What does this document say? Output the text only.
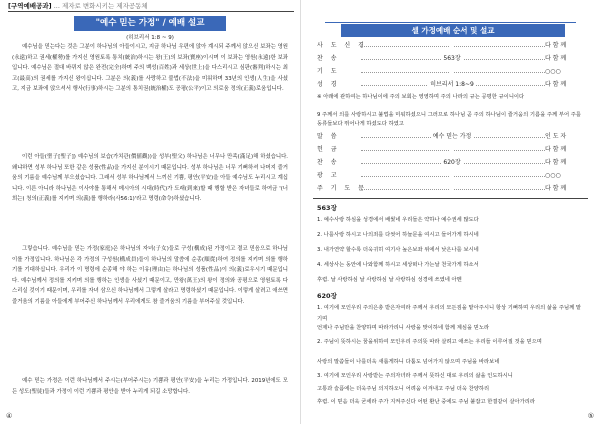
[구역예배공과] ... 제자로 변화시키는 제자공동체
"예수 믿는 가정" / 예배 설교
(히브리서 1:8 ~ 9)
예수님을 믿는다는 것은 그분이 하나님의 아들이시고, 지금 하나님 우편에 앉아 계시되 주께서 앉으신 보좌는 영원(永遠)하고 권세(權勢)를 가지신 영원토록 통치(統治)하시는 왕(王)의 보좌(寶座)이시며 이 보좌는 영원(永遠)한 보좌입니다. 예수님은 절대 바뀌지 않은 완전(完全)하며 주의 백성(百姓)과 세상(世上)을 다스리시고 심판(審判)하시는 최고(最高)의 권세를 가지신 왕이십니다. 그분은 의(義)를 사랑하고 불법(不法)을 미워하며 33년의 인생(人生)을 사셨고, 지금 보좌에 앉으셔서 행사(行事)하시는 그분의 통치권(統治權)도 공평(公平)이고 의로움 정의(正義)로움입니다.
이런 아들(聖子[聖子]) 예수님의 보습(가치관(價値觀))을 성부(聖父) 하나님은 너무나 만족(滿足)해 하셨습니다. 왜냐하면 성부 하나님 또한 같은 성품(性品)을 가지신 분이시기 때문입니다. 성부 하나님은 너무 기뻐하셔 나머지 즐거움의 기름을 예수님께 부으셨습니다. 그래서 성부 하나님께서 느끼신 기쁨, 평안(平安)을 아들 예수님도 누리시고 계십니다. 이른 아니라 하나님은 이사야를 통해서 메시아의 시대(時代)가 도래(到來)할 때 행할 받은 자녀들로 하여금 '(너희는) 청의(正義)를 지키며 의(義)를 행하라(사56:1)'라고 명령(命令)하셨습니다.
그렇습니다. 예수님을 믿는 가정(家庭)은 하나님의 자녀(子女)들로 구성(構成)된 가정이고 결코 믿음으로 하나님 이를 가정입니다. 하나님은 각 가정의 구성원(構成員)들이 하나님의 말씀에 순종(順從)하여 정의를 지키며 의를 행하기를 기대하십니다. 우리가 이 명령에 순종해 야 하는 이유(理由)는 하나님의 성품(性品)이 의(義)로우시기 때문입니다. 예수님께서 정의를 지키며 의를 행하는 인생을 사셨기 때문이고, 만왕(萬王)의 왕이 정의와 공평으로 영원토록 다스리실 것이기 때문이며, 우리를 자녀 삼으신 하나님께서 그렇게 살라고 명령하셨기 때문입니다. 이렇게 살려고 애쓰면 즐거움의 기름을 아들에게 부어주신 하나님께서 우리에게도 참 즐거움의 기름을 부어주실 것입니다.
예수 믿는 가정은 이런 하나님께서 주시는(부어주시는) 기쁨과 평안(平安)을 누리는 가정입니다. 2019년에도 모든 성도(聖徒)들과 가정이 이런 기쁨과 평안을 받아 누리게 되길 소망합니다.
④
셀 가정예배 순서 및 설교
사 도 신 경	다 함 께
찬 송	563장	다 함 께
기 도	○○○
성 경	히브리서 1:8~9	다 함 께
※ 아래에 관하여는 하나님이에 주의 보회는 영영하며 주의 나라의 규는 공평한 규이니이다
9 주께서 의를 사랑하시고 불법을 미워하셨으니 그러므로 하나님 곧 주의 하나님이 즐거움의 기름을 주께 부어 주를 동류들보다 뛰어나게 하셨도다 하였고
말 씀	예수 믿는 가정	인 도 자
헌 금	다 함 께
찬 송	620장	다 함 께
광 고	○○○
주 기 도 문	다 함 께
563장
1. 예수사랑 하심을 성경에서 배웠네 우리들은 약하나 예수권세 많도다
2. 나를사랑 하시고 나의죄를 다씻어 하늘문을 여시고 들어가게 하시네
3. 내가연약 할수록 더욱귀히 여기사 높은보좌 위에서 낮은나를 보시네
4. 세상사는 동안에 나와함께 하시고 세상떠나 가는날 천국가게 하소서
후렴. 날 사랑하심 날 사랑하심 날 사랑하심 성경에 쓰였네 아멘
620장
1. 여기에 모인우리 주의은총 받은자여라 주께서 우리의 모든짐을 맡아주시니 항상 기뻐하며 우리의 삶을 주님께 맡기며
언제나 주님만을 찬양하며 따라가리니 사랑을 맞이하네 함께 계심을 믿노라
2. 주님이 뜻하시는 꿈을위하여 모인우리 주의뜻 따라 살려고 애쓰는 우리들 이루어질 것을 믿으며
사랑의 말씀들이 나를더욱 새롭게하니 다툼도 넘어가지 않으며 주님을 바라보네
3. 여기에 모인우리 사랑받는 주의자녀라 주께서 뜻하신 대로 우리의 삶을 인도하시니
고통과 슬픔에는 더욱주님 의지하오니 어려움 이겨내고 주님 더욱 찬양하리
후렴. 이 믿음 더욱 굳세라 주가 지켜주신다 어떤 환난 중에도 주님 붙잡고 한결같이 살아가리라
⑤
